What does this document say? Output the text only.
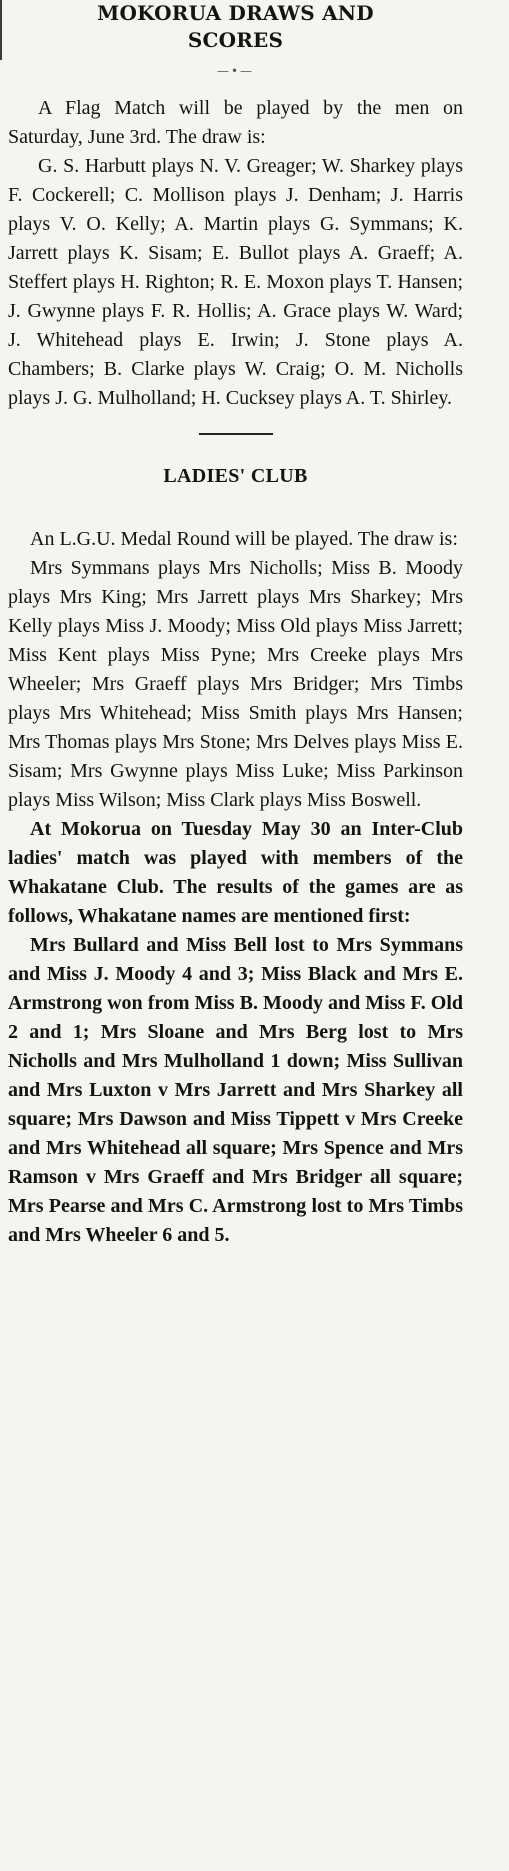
MOKORUA DRAWS AND
SCORES
—•—

A Flag Match will be played by the men on Saturday, June 3rd. The draw is:

G. S. Harbutt plays N. V. Greager; W. Sharkey plays F. Cockerell; C. Mollison plays J. Denham; J. Harris plays V. O. Kelly; A. Martin plays G. Symmans; K. Jarrett plays K. Sisam; E. Bullot plays A. Graeff; A. Steffert plays H. Righton; R. E. Moxon plays T. Hansen; J. Gwynne plays F. R. Hollis; A. Grace plays W. Ward; J. Whitehead plays E. Irwin; J. Stone plays A. Chambers; B. Clarke plays W. Craig; O. M. Nicholls plays J. G. Mulholland; H. Cucksey plays A. T. Shirley.

LADIES' CLUB

An L.G.U. Medal Round will be played. The draw is:

Mrs Symmans plays Mrs Nicholls; Miss B. Moody plays Mrs King; Mrs Jarrett plays Mrs Sharkey; Mrs Kelly plays Miss J. Moody; Miss Old plays Miss Jarrett; Miss Kent plays Miss Pyne; Mrs Creeke plays Mrs Wheeler; Mrs Graeff plays Mrs Bridger; Mrs Timbs plays Mrs Whitehead; Miss Smith plays Mrs Hansen; Mrs Thomas plays Mrs Stone; Mrs Delves plays Miss E. Sisam; Mrs Gwynne plays Miss Luke; Miss Parkinson plays Miss Wilson; Miss Clark plays Miss Boswell.

At Mokorua on Tuesday May 30 an Inter-Club ladies' match was played with members of the Whakatane Club. The results of the games are as follows, Whakatane names are mentioned first:

Mrs Bullard and Miss Bell lost to Mrs Symmans and Miss J. Moody 4 and 3; Miss Black and Mrs E. Armstrong won from Miss B. Moody and Miss F. Old 2 and 1; Mrs Sloane and Mrs Berg lost to Mrs Nicholls and Mrs Mulholland 1 down; Miss Sullivan and Mrs Luxton v Mrs Jarrett and Mrs Sharkey all square; Mrs Dawson and Miss Tippett v Mrs Creeke and Mrs Whitehead all square; Mrs Spence and Mrs Ramson v Mrs Graeff and Mrs Bridger all square; Mrs Pearse and Mrs C. Armstrong lost to Mrs Timbs and Mrs Wheeler 6 and 5.
